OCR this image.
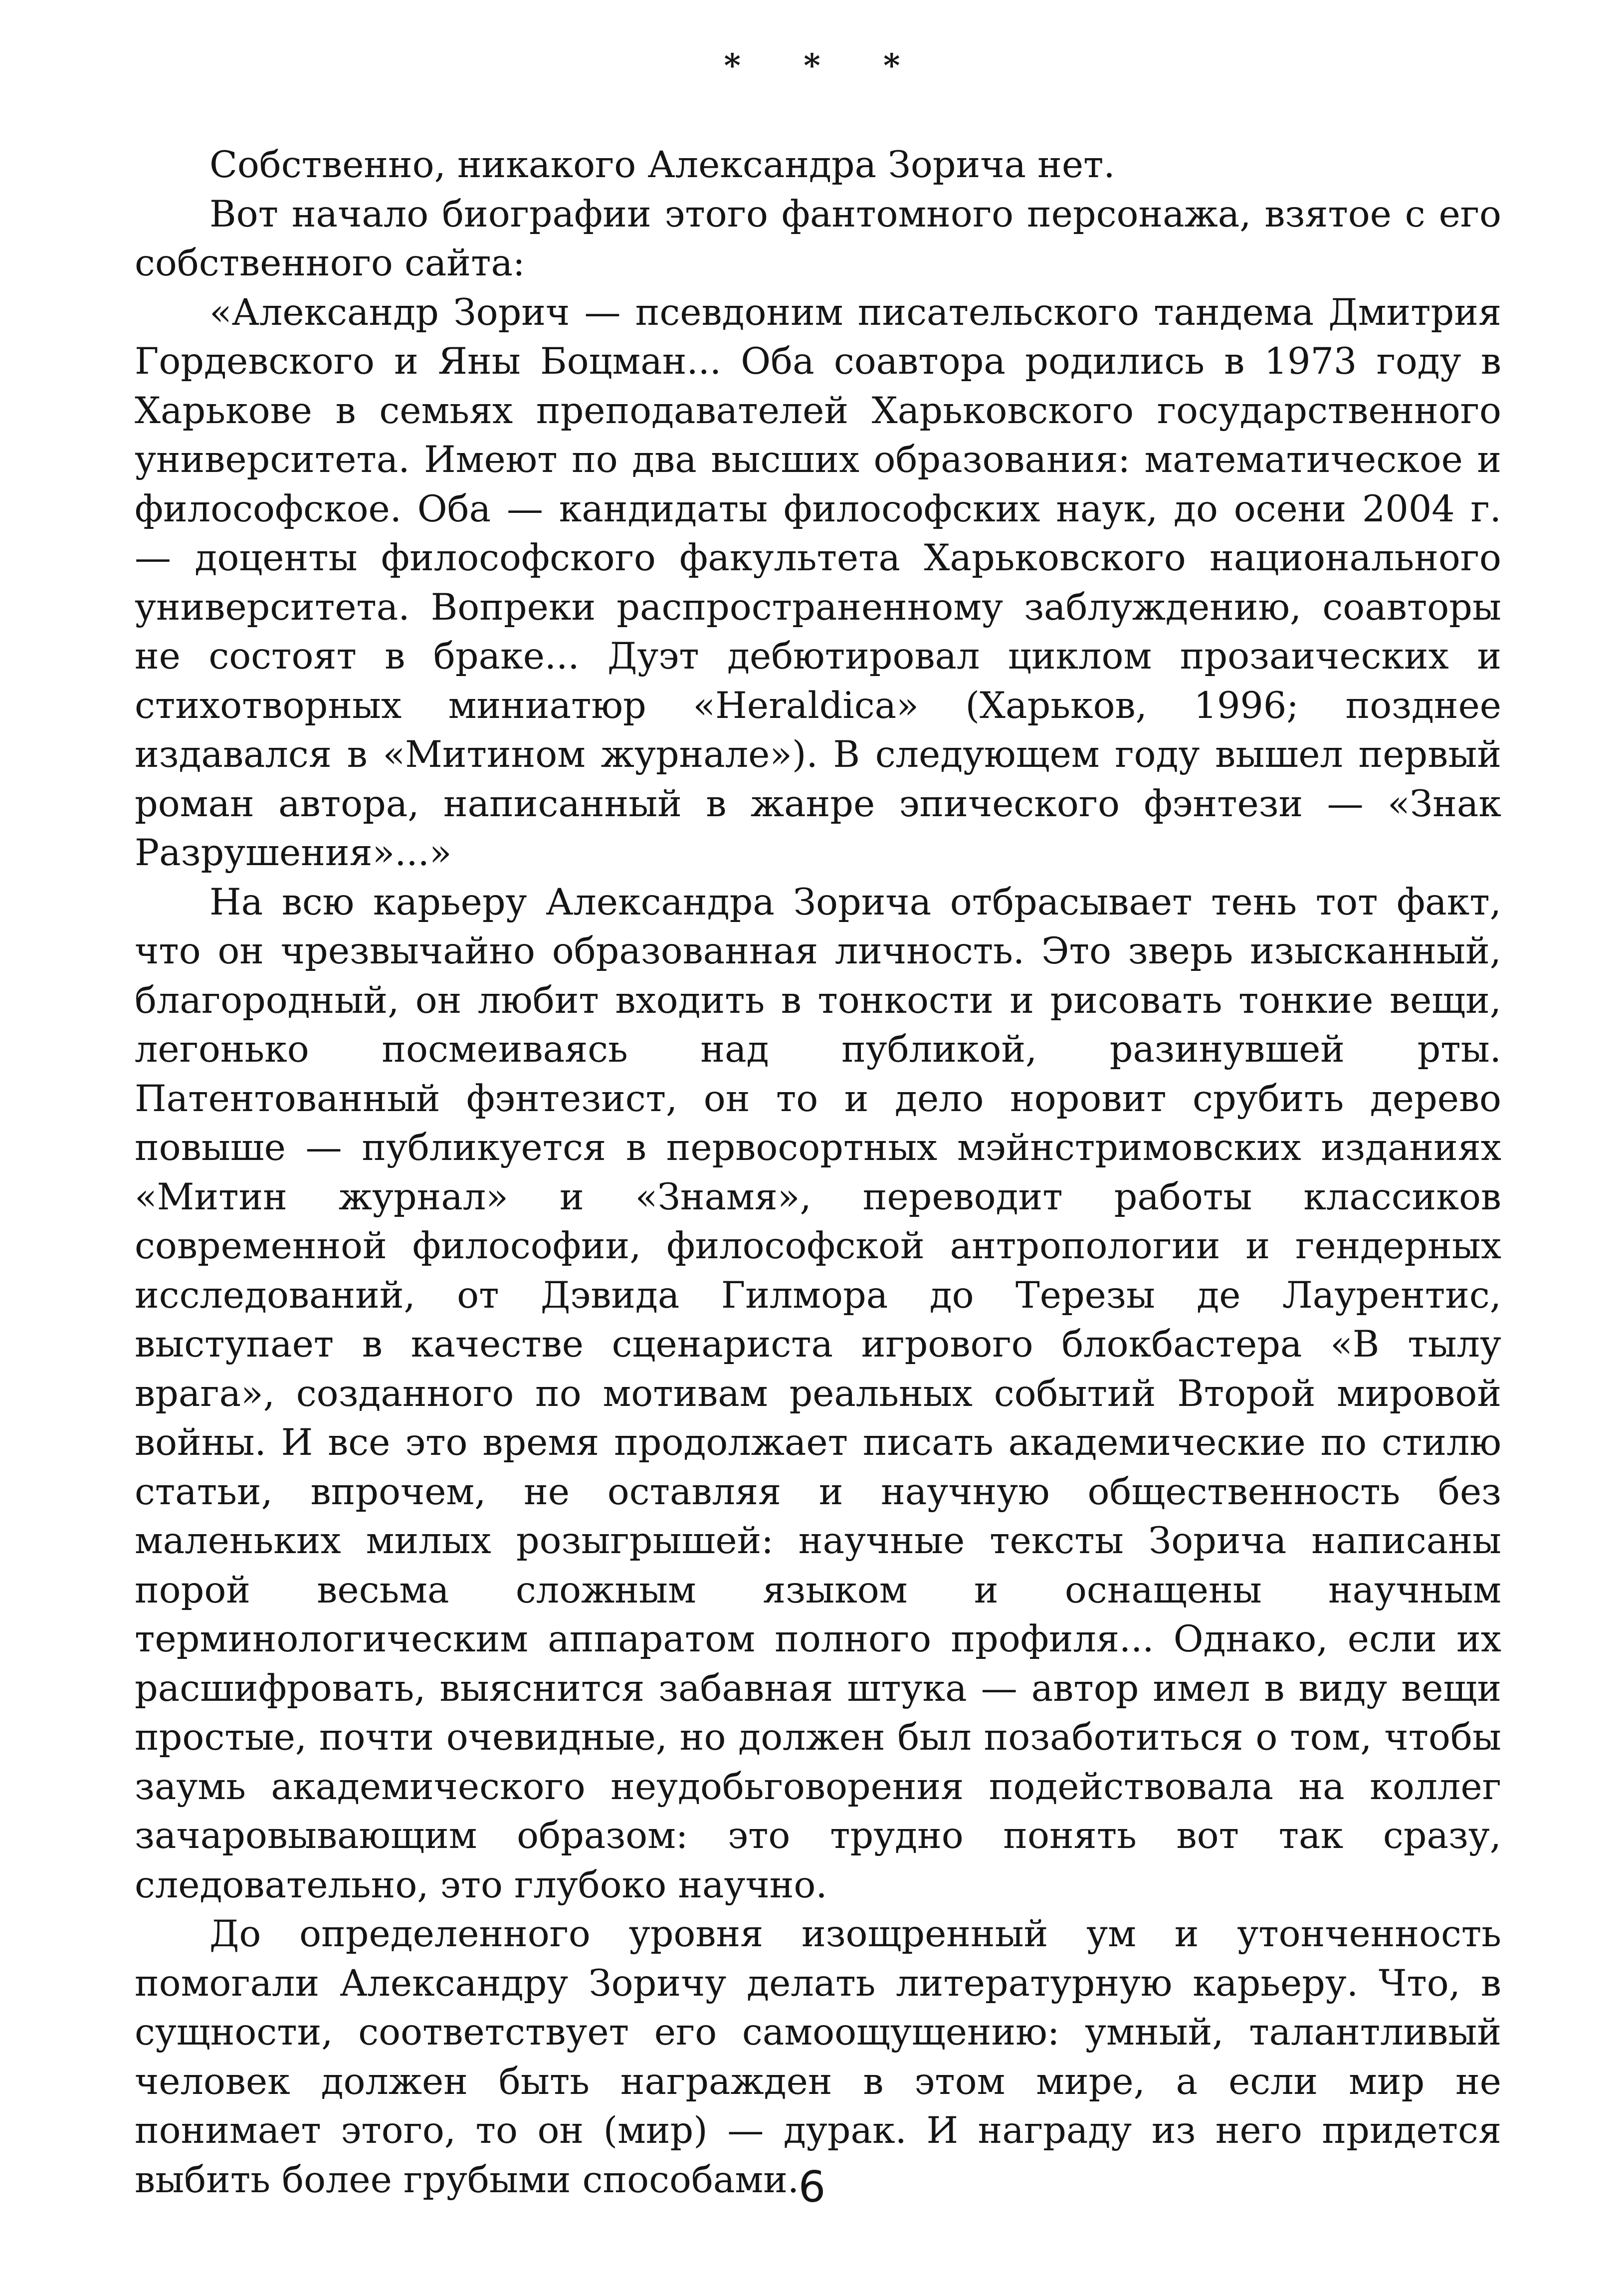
* * *

Собственно, никакого Александра Зорича нет.

Вот начало биографии этого фантомного персонажа, взятое с его собственного сайта:

«Александр Зорич — псевдоним писательского тандема Дмитрия Гордевского и Яны Боцман... Оба соавтора родились в 1973 году в Харькове в семьях преподавателей Харьковского государственного университета. Имеют по два высших образования: математическое и философское. Оба — кандидаты философских наук, до осени 2004 г. — доценты философского факультета Харьковского национального университета. Вопреки распространенному заблуждению, соавторы не состоят в браке... Дуэт дебютировал циклом прозаических и стихотворных миниатюр «Heraldica» (Харьков, 1996; позднее издавался в «Митином журнале»). В следующем году вышел первый роман автора, написанный в жанре эпического фэнтези — «Знак Разрушения»...»

На всю карьеру Александра Зорича отбрасывает тень тот факт, что он чрезвычайно образованная личность. Это зверь изысканный, благородный, он любит входить в тонкости и рисовать тонкие вещи, легонько посмеиваясь над публикой, разинувшей рты. Патентованный фэнтезист, он то и дело норовит срубить дерево повыше — публикуется в первосортных мэйнстримовских изданиях «Митин журнал» и «Знамя», переводит работы классиков современной философии, философской антропологии и гендерных исследований, от Дэвида Гилмора до Терезы де Лаурентис, выступает в качестве сценариста игрового блокбастера «В тылу врага», созданного по мотивам реальных событий Второй мировой войны. И все это время продолжает писать академические по стилю статьи, впрочем, не оставляя и научную общественность без маленьких милых розыгрышей: научные тексты Зорича написаны порой весьма сложным языком и оснащены научным терминологическим аппаратом полного профиля... Однако, если их расшифровать, выяснится забавная штука — автор имел в виду вещи простые, почти очевидные, но должен был позаботиться о том, чтобы заумь академического неудобьговорения подействовала на коллег зачаровывающим образом: это трудно понять вот так сразу, следовательно, это глубоко научно.

До определенного уровня изощренный ум и утонченность помогали Александру Зоричу делать литературную карьеру. Что, в сущности, соответствует его самоощущению: умный, талантливый человек должен быть награжден в этом мире, а если мир не понимает этого, то он (мир) — дурак. И награду из него придется выбить более грубыми способами.

6
